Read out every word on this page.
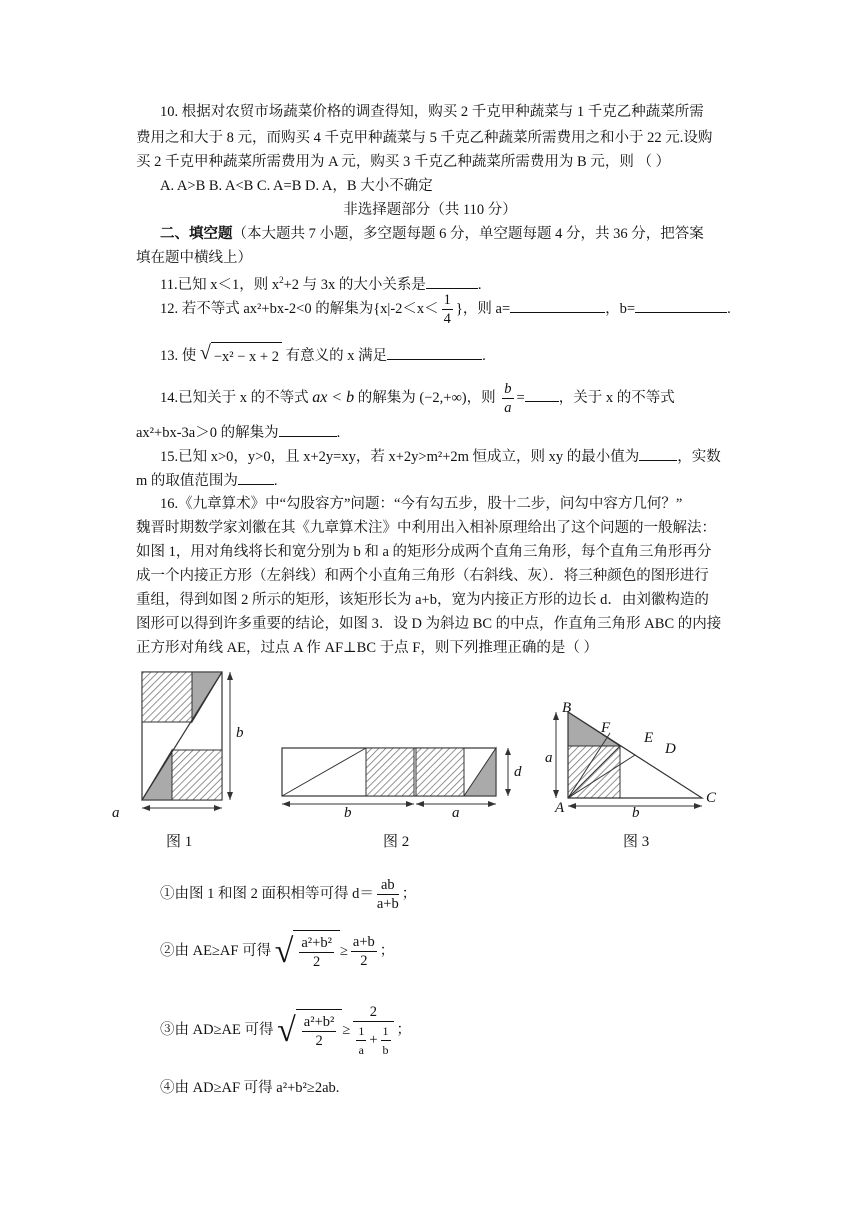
10. 根据对农贸市场蔬菜价格的调查得知，购买 2 千克甲种蔬菜与 1 千克乙种蔬菜所需
费用之和大于 8 元，而购买 4 千克甲种蔬菜与 5 千克乙种蔬菜所需费用之和小于 22 元.设购
买 2 千克甲种蔬菜所需费用为 A 元，购买 3 千克乙种蔬菜所需费用为 B 元，则 （ ）
A. A>B B. A<B C. A=B D. A，B 大小不确定
非选择题部分（共 110 分）
二、填空题（本大题共 7 小题，多空题每题 6 分，单空题每题 4 分，共 36 分，把答案
填在题中横线上）
11.已知 x＜1，则 $x^2+2$ 与 3x 的大小关系是	.
12. 若不等式 ax²+bx-2<0 的解集为{$x|-2<x< \frac{1}{4}$ }，则 a=	，b=	.
13. 使 √ −x² − x + 2 有意义的 x 满足	.
14.已知关于 x 的不等式 ax < b 的解集为 (−2,+∞)，则 $\frac{b}{a}$ = ，关于 x 的不等式
ax²+bx-3a＞0 的解集为	.
15.已知 x>0，y>0，且 x+2y=xy，若 x+2y>m²+2m 恒成立，则 xy 的最小值为	，实数
m 的取值范围为 .
16.《九章算术》中“勾股容方”问题：“今有勾五步，股十二步，问勾中容方几何？”
魏晋时期数学家刘徽在其《九章算术注》中利用出入相补原理给出了这个问题的一般解法：
如图 1，用对角线将长和宽分别为 b 和 a 的矩形分成两个直角三角形，每个直角三角形再分
成一个内接正方形（左斜线）和两个小直角三角形（右斜线、灰）．将三种颜色的图形进行
重组，得到如图 2 所示的矩形，该矩形长为 a+b，宽为内接正方形的边长 d．由刘徽构造的
图形可以得到许多重要的结论，如图 3．设 D 为斜边 BC 的中点，作直角三角形 ABC 的内接
正方形对角线 AE，过点 A 作 AF⊥BC 于点 F，则下列推理正确的是（ ）
a
b
b	a
d
a
b
B
A
C
D
E
F
图 1	图 2	图 3
①由图 1 和图 2 面积相等可得 $d= \frac{ab}{a+b}$ ；
②由 AE≥AF 可得 √ $\frac{\text{a²+b²}}{2} \ge \frac{a+b}{2}$ ；
③由 AD≥AE 可得 √ $\frac{\text{a²+b²}}{2} \ge \frac{2}{\frac{1}{a} + \frac{1}{b}}$ ；
④由 AD≥AF 可得 a²+b²≥2ab.
